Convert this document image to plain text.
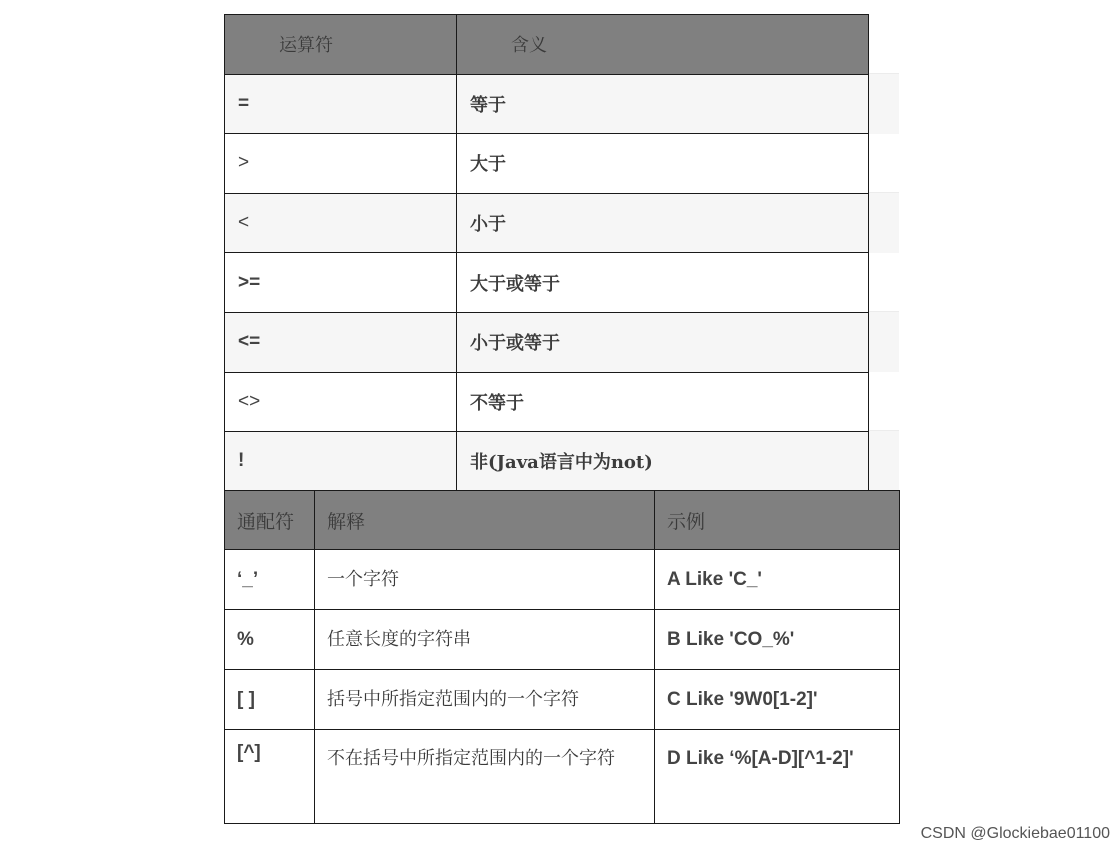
运算符	含义
=	等于
>	大于
<	小于
>=	大于或等于
<=	小于或等于
<>	不等于
!	非(Java语言中为not)
通配符	解释	示例
‘_’	一个字符	A Like 'C_'
%	任意长度的字符串	B Like 'CO_%'
[ ]	括号中所指定范围内的一个字符	C Like '9W0[1-2]'
[^]	不在括号中所指定范围内的一个字符	D Like ‘%[A-D][^1-2]'
CSDN @Glockiebae01100
